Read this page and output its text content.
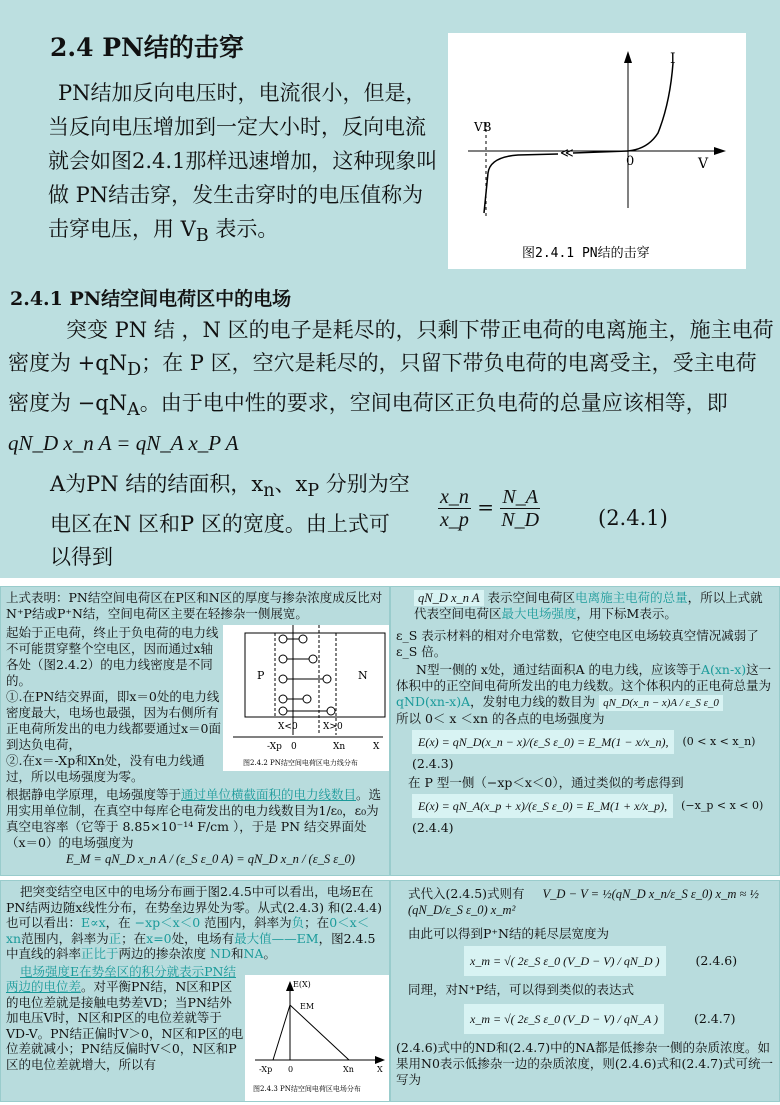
2.4 PN结的击穿
PN结加反向电压时，电流很小，但是，当反向电压增加到一定大小时，反向电流就会如图2.4.1那样迅速增加，这种现象叫做 PN结击穿，发生击穿时的电压值称为击穿电压，用 $V_B$ 表示。
I
V
VB
0
≪
图2.4.1 PN结的击穿
2.4.1 PN结空间电荷区中的电场
突变 PN 结 ，N 区的电子是耗尽的，只剩下带正电荷的电离施主，施主电荷密度为 $+qN_D$；在 P 区，空穴是耗尽的，只留下带负电荷的电离受主，受主电荷密度为 $-qN_A$。由于电中性的要求，空间电荷区正负电荷的总量应该相等，即 qN_D x_n A = qN_A x_P A
A为PN 结的结面积，$x_n$、$x_P$ 分别为空电区在N 区和P 区的宽度。由上式可以得到
$\frac{x\_n}{x\_p} = \frac{N\_A}{N\_D}$	(2.4.1)
上式表明：PN结空间电荷区在P区和N区的厚度与掺杂浓度成反比对N⁺P结或P⁺N结，空间电荷区主要在轻掺杂一侧展宽。
起始于正电荷，终止于负电荷的电力线不可能贯穿整个空电区，因而通过x轴各处（图2.4.2）的电力线密度是不同的。
①.在PN结交界面，即x＝0处的电力线密度最大，电场也最强，因为右侧所有正电荷所发出的电力线都要通过x＝0面到达负电荷，
②.在x＝-Xp和Xn处，没有电力线通过，所以电场强度为零。
根据静电学原理，电场强度等于通过单位横截面积的电力线数目。选用实用单位制，在真空中每库仑电荷发出的电力线数目为1/ε₀，ε₀为真空电容率（它等于 8.85×10⁻¹⁴ F/cm ），于是 PN 结交界面处（x＝0）的电场强度为
E_M = qN_D x_n A / (ε_S ε_0 A) = qN_D x_n / (ε_S ε_0)
P	N
X<0	X>0
-Xp 0	Xn	X
图2.4.2 PN结空间电荷区电力线分布
qN_D x_n A 表示空间电荷区电离施主电荷的总量，所以上式就代表空间电荷区最大电场强度，用下标M表示。
ε_S 表示材料的相对介电常数，它使空电区电场较真空情况减弱了 ε_S 倍。
N型一侧的 x处，通过结面积A 的电力线，应该等于A(xn-x)这一体积中的正空间电荷所发出的电力线数。这个体积内的正电荷总量为qND(xn-x)A，发射电力线的数目为 qN_D(x_n − x)A / ε_S ε_0
所以 0＜ x ＜xn 的各点的电场强度为
E(x) = qN_D(x_n − x)/(ε_S ε_0) = E_M(1 − x/x_n),	(0 < x < x_n)
(2.4.3)
在 P 型一侧（−xp＜x＜0），通过类似的考虑得到
E(x) = qN_A(x_p + x)/(ε_S ε_0) = E_M(1 + x/x_p),	(−x_p < x < 0)
(2.4.4)
把突变结空电区中的电场分布画于图2.4.5中可以看出，电场E在PN结两边随x线性分布，在势垒边界处为零。从式(2.4.3) 和(2.4.4)也可以看出：E∝x，在 −xp＜x＜0 范围内，斜率为负；在0＜x＜xn范围内，斜率为正；在x=0处，电场有最大值——EM，图2.4.5中直线的斜率正比于两边的掺杂浓度 ND和NA。
电场强度E在势垒区的积分就表示PN结两边的电位差。对平衡PN结，N区和P区的电位差就是接触电势差VD；当PN结外加电压V时，N区和P区的电位差就等于VD-V。PN结正偏时V＞0，N区和P区的电位差就减小；PN结反偏时V＜0，N区和P区的电位差就增大，所以有
E(X)
EM
-Xp 0	Xn	X
图2.4.3 PN结空间电荷区电场分布
式代入(2.4.5)式则有 V_D − V = ½(qN_D x_n/ε_S ε_0) x_m ≈ ½ (qN_D/ε_S ε_0) x_m²
由此可以得到P⁺N结的耗尽层宽度为
x_m = √( 2ε_S ε_0 (V_D − V) / qN_D )	(2.4.6)
同理，对N⁺P结，可以得到类似的表达式
x_m = √( 2ε_S ε_0 (V_D − V) / qN_A )	(2.4.7)
(2.4.6)式中的ND和(2.4.7)中的NA都是低掺杂一侧的杂质浓度。如果用N0表示低掺杂一边的杂质浓度，则(2.4.6)式和(2.4.7)式可统一写为
